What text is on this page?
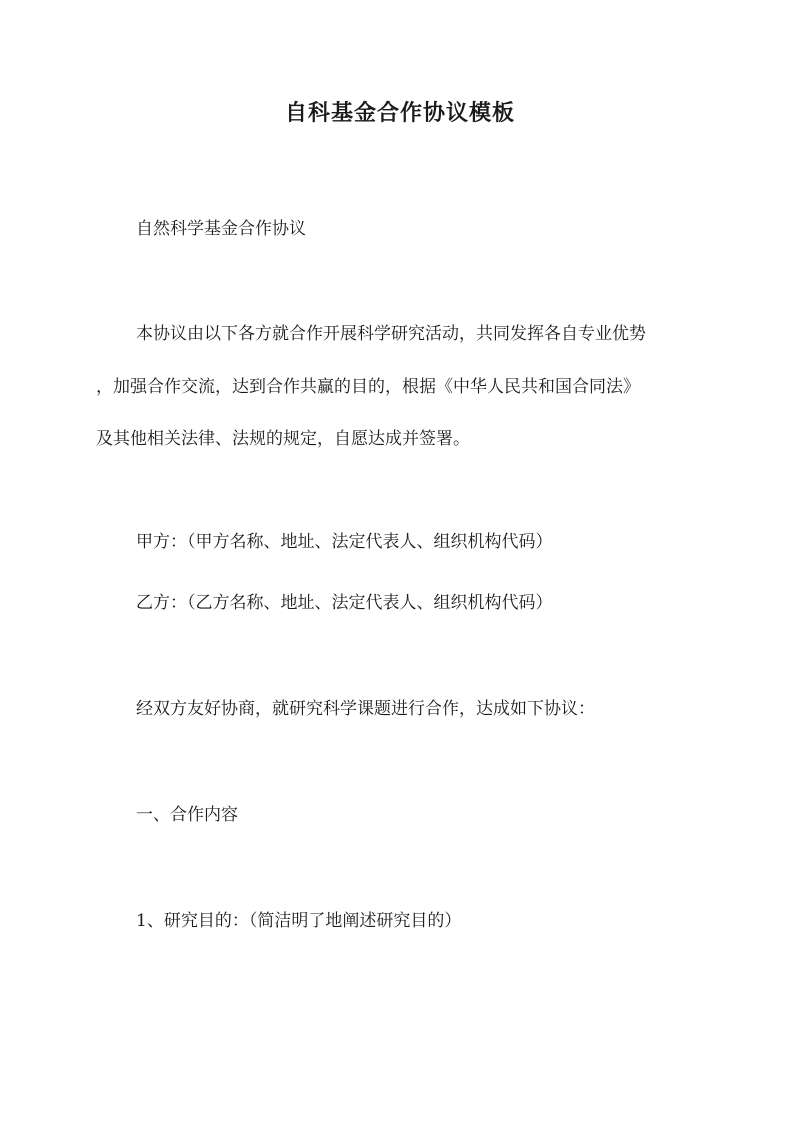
自科基金合作协议模板
自然科学基金合作协议
本协议由以下各方就合作开展科学研究活动，共同发挥各自专业优势
，加强合作交流，达到合作共赢的目的，根据《中华人民共和国合同法》
及其他相关法律、法规的规定，自愿达成并签署。
甲方：（甲方名称、地址、法定代表人、组织机构代码）
乙方：（乙方名称、地址、法定代表人、组织机构代码）
经双方友好协商，就研究科学课题进行合作，达成如下协议：
一、合作内容
1、研究目的：（简洁明了地阐述研究目的）
